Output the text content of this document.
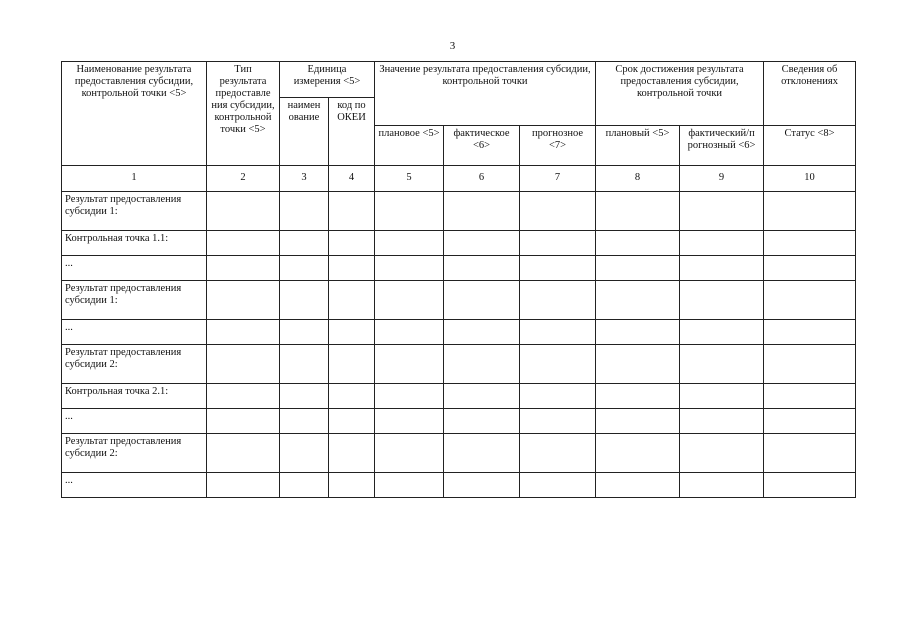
3
Наименование результата предоставления субсидии, контрольной точки <5>	Тип результата предоставле ния субсидии, контрольной точки <5>	Единица измерения <5>		Значение результата предоставления субсидии, контрольной точки			Срок достижения результата предоставления субсидии, контрольной точки		Сведения об отклонениях
		наимен ование	код по ОКЕИ						
				плановое <5>	фактическое <6>	прогнозное <7>	плановый <5>	фактический/п рогнозный <6>	Статус <8>
1	2	3	4	5	6	7	8	9	10
Результат предоставления субсидии 1:									
Контрольная точка 1.1:									
...									
Результат предоставления субсидии 1:									
...									
Результат предоставления субсидии 2:									
Контрольная точка 2.1:									
...									
Результат предоставления субсидии 2:									
...									
